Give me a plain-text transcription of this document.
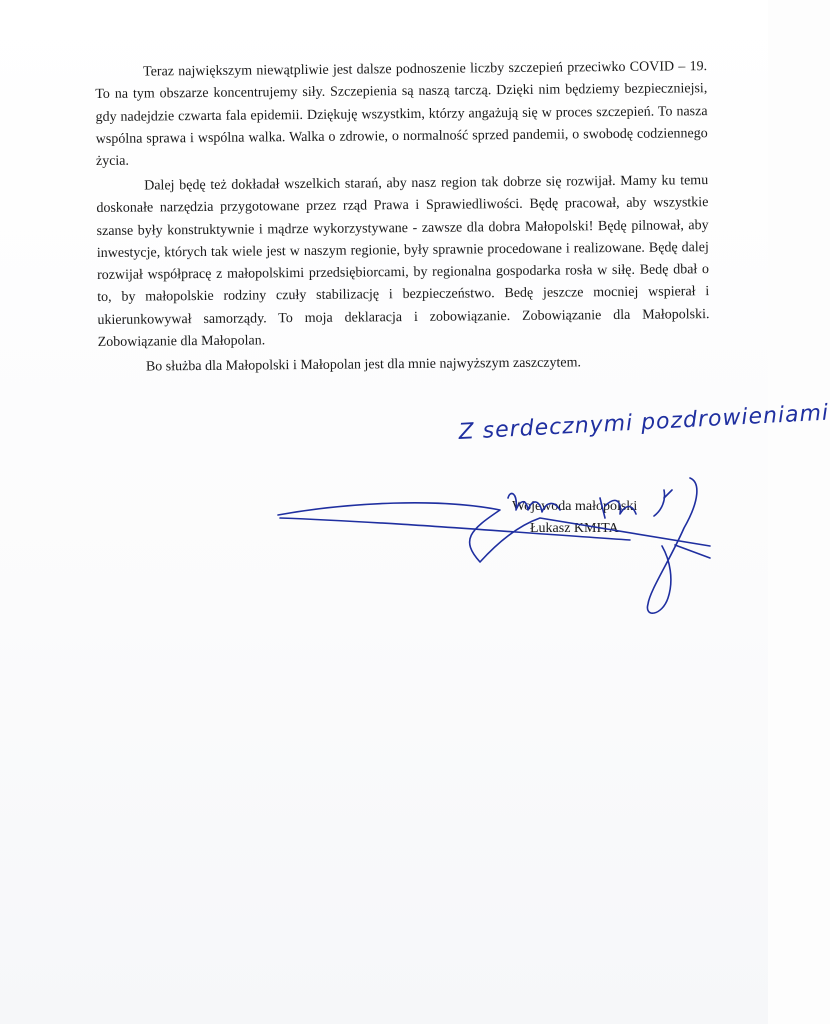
Teraz największym niewątpliwie jest dalsze podnoszenie liczby szczepień przeciwko COVID – 19. To na tym obszarze koncentrujemy siły. Szczepienia są naszą tarczą. Dzięki nim będziemy bezpieczniejsi, gdy nadejdzie czwarta fala epidemii. Dziękuję wszystkim, którzy angażują się w proces szczepień. To nasza wspólna sprawa i wspólna walka. Walka o zdrowie, o normalność sprzed pandemii, o swobodę codziennego życia.

Dalej będę też dokładał wszelkich starań, aby nasz region tak dobrze się rozwijał. Mamy ku temu doskonałe narzędzia przygotowane przez rząd Prawa i Sprawiedliwości. Będę pracował, aby wszystkie szanse były konstruktywnie i mądrze wykorzystywane - zawsze dla dobra Małopolski! Będę pilnował, aby inwestycje, których tak wiele jest w naszym regionie, były sprawnie procedowane i realizowane. Będę dalej rozwijał współpracę z małopolskimi przedsiębiorcami, by regionalna gospodarka rosła w siłę. Bedę dbał o to, by małopolskie rodziny czuły stabilizację i bezpieczeństwo. Bedę jeszcze mocniej wspierał i ukierunkowywał samorządy. To moja deklaracja i zobowiązanie. Zobowiązanie dla Małopolski. Zobowiązanie dla Małopolan.

Bo służba dla Małopolski i Małopolan jest dla mnie najwyższym zaszczytem.

Z serdecznymi pozdrowieniami
Wojewoda małopolski
Łukasz KMITA
